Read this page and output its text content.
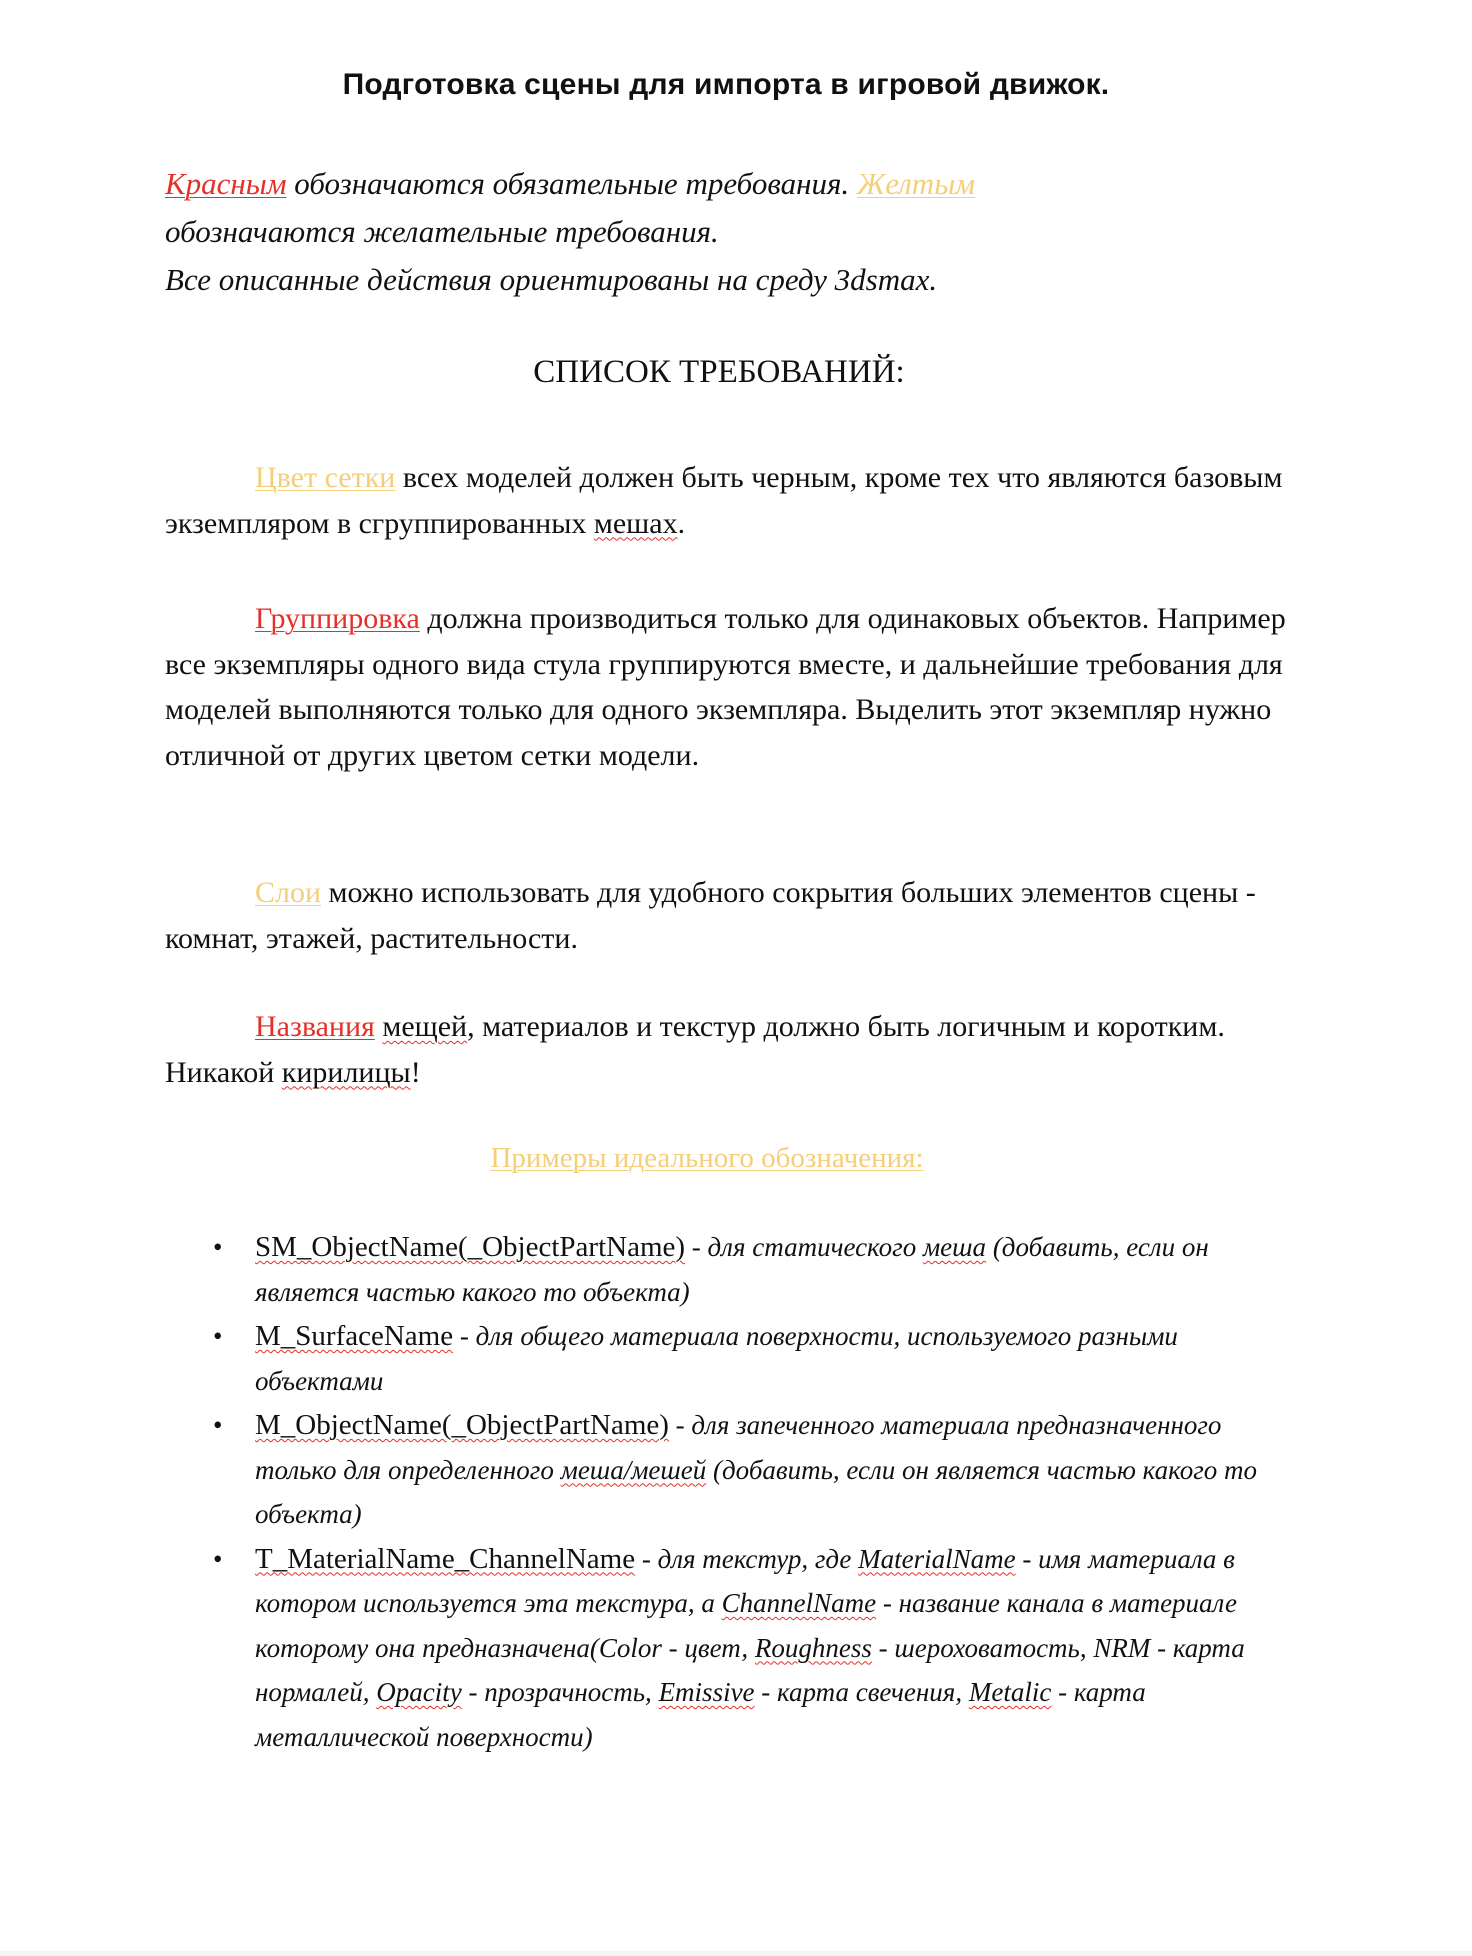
Подготовка сцены для импорта в игровой движок.

Красным обозначаются обязательные требования. Желтым

обозначаются желательные требования.

Все описанные действия ориентированы на среду 3dsmax.

СПИСОК ТРЕБОВАНИЙ:

Цвет сетки всех моделей должен быть черным, кроме тех что являются базовым экземпляром в сгруппированных мешах.

Группировка должна производиться только для одинаковых объектов. Например все экземпляры одного вида стула группируются вместе, и дальнейшие требования для моделей выполняются только для одного экземпляра. Выделить этот экземпляр нужно отличной от других цветом сетки модели.

Слои можно использовать для удобного сокрытия больших элементов сцены - комнат, этажей, растительности.

Названия мещей, материалов и текстур должно быть логичным и коротким. Никакой кирилицы!

Примеры идеального обозначения:
• SM_ObjectName(_ObjectPartName) - для статического меша (добавить, если он является частью какого то объекта)
• M_SurfaceName - для общего материала поверхности, используемого разными объектами
• M_ObjectName(_ObjectPartName) - для запеченного материала предназначенного только для определенного меша/мешей (добавить, если он является частью какого то объекта)
• T_MaterialName_ChannelName - для текстур, где MaterialName - имя материала в котором используется эта текстура, а ChannelName - название канала в материале которому она предназначена(Color - цвет, Roughness - шероховатость, NRM - карта нормалей, Opacity - прозрачность, Emissive - карта свечения, Metalic - карта металлической поверхности)
